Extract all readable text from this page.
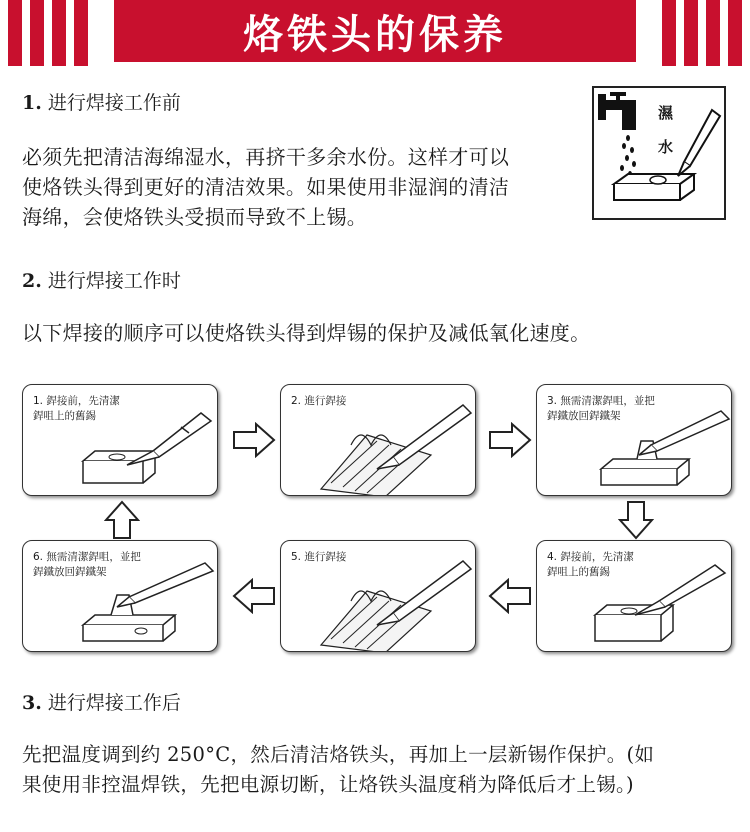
烙铁头的保养
1. 进行焊接工作前
必须先把清洁海绵湿水，再挤干多余水份。这样才可以
使烙铁头得到更好的清洁效果。如果使用非湿润的清洁
海绵，会使烙铁头受损而导致不上锡。
濕
水
2. 进行焊接工作时
以下焊接的顺序可以使烙铁头得到焊锡的保护及减低氧化速度。
1. 銲接前，先清潔
銲咀上的舊錫
2. 進行銲接	3. 無需清潔銲咀，並把
銲鐵放回銲鐵架
6. 無需清潔銲咀，並把
銲鐵放回銲鐵架
5. 進行銲接	4. 銲接前，先清潔
銲咀上的舊錫
3. 进行焊接工作后
先把温度调到约 250°C，然后清洁烙铁头，再加上一层新锡作保护。(如
果使用非控温焊铁，先把电源切断，让烙铁头温度稍为降低后才上锡。)
